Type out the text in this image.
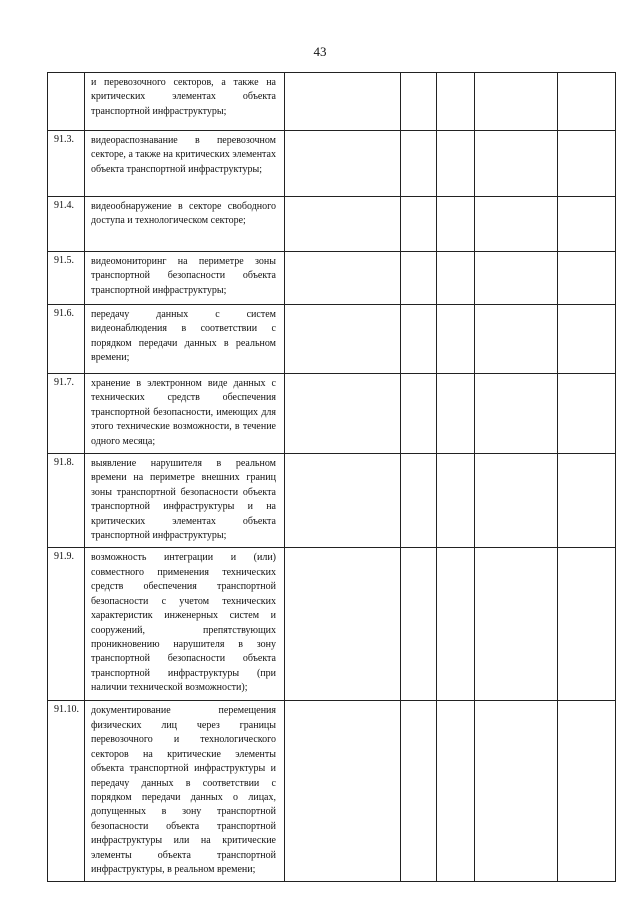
43
	и перевозочного секторов, а также на критических элементах объекта транспортной инфраструктуры;					
91.3.	видеораспознавание в перевозочном секторе, а также на критических элементах объекта транспортной инфраструктуры;					
91.4.	видеообнаружение в секторе свободного доступа и технологическом секторе;					
91.5.	видеомониторинг на периметре зоны транспортной безопасности объекта транспортной инфраструктуры;					
91.6.	передачу данных с систем видеонаблюдения в соответствии с порядком передачи данных в реальном времени;					
91.7.	хранение в электронном виде данных с технических средств обеспечения транспортной безопасности, имеющих для этого технические возможности, в течение одного месяца;					
91.8.	выявление нарушителя в реальном времени на периметре внешних границ зоны транспортной безопасности объекта транспортной инфраструктуры и на критических элементах объекта транспортной инфраструктуры;					
91.9.	возможность интеграции и (или) совместного применения технических средств обеспечения транспортной безопасности с учетом технических характеристик инженерных систем и сооружений, препятствующих проникновению нарушителя в зону транспортной безопасности объекта транспортной инфраструктуры (при наличии технической возможности);					
91.10.	документирование перемещения физических лиц через границы перевозочного и технологического секторов на критические элементы объекта транспортной инфраструктуры и передачу данных в соответствии с порядком передачи данных о лицах, допущенных в зону транспортной безопасности объекта транспортной инфраструктуры или на критические элементы объекта транспортной инфраструктуры, в реальном времени;					
